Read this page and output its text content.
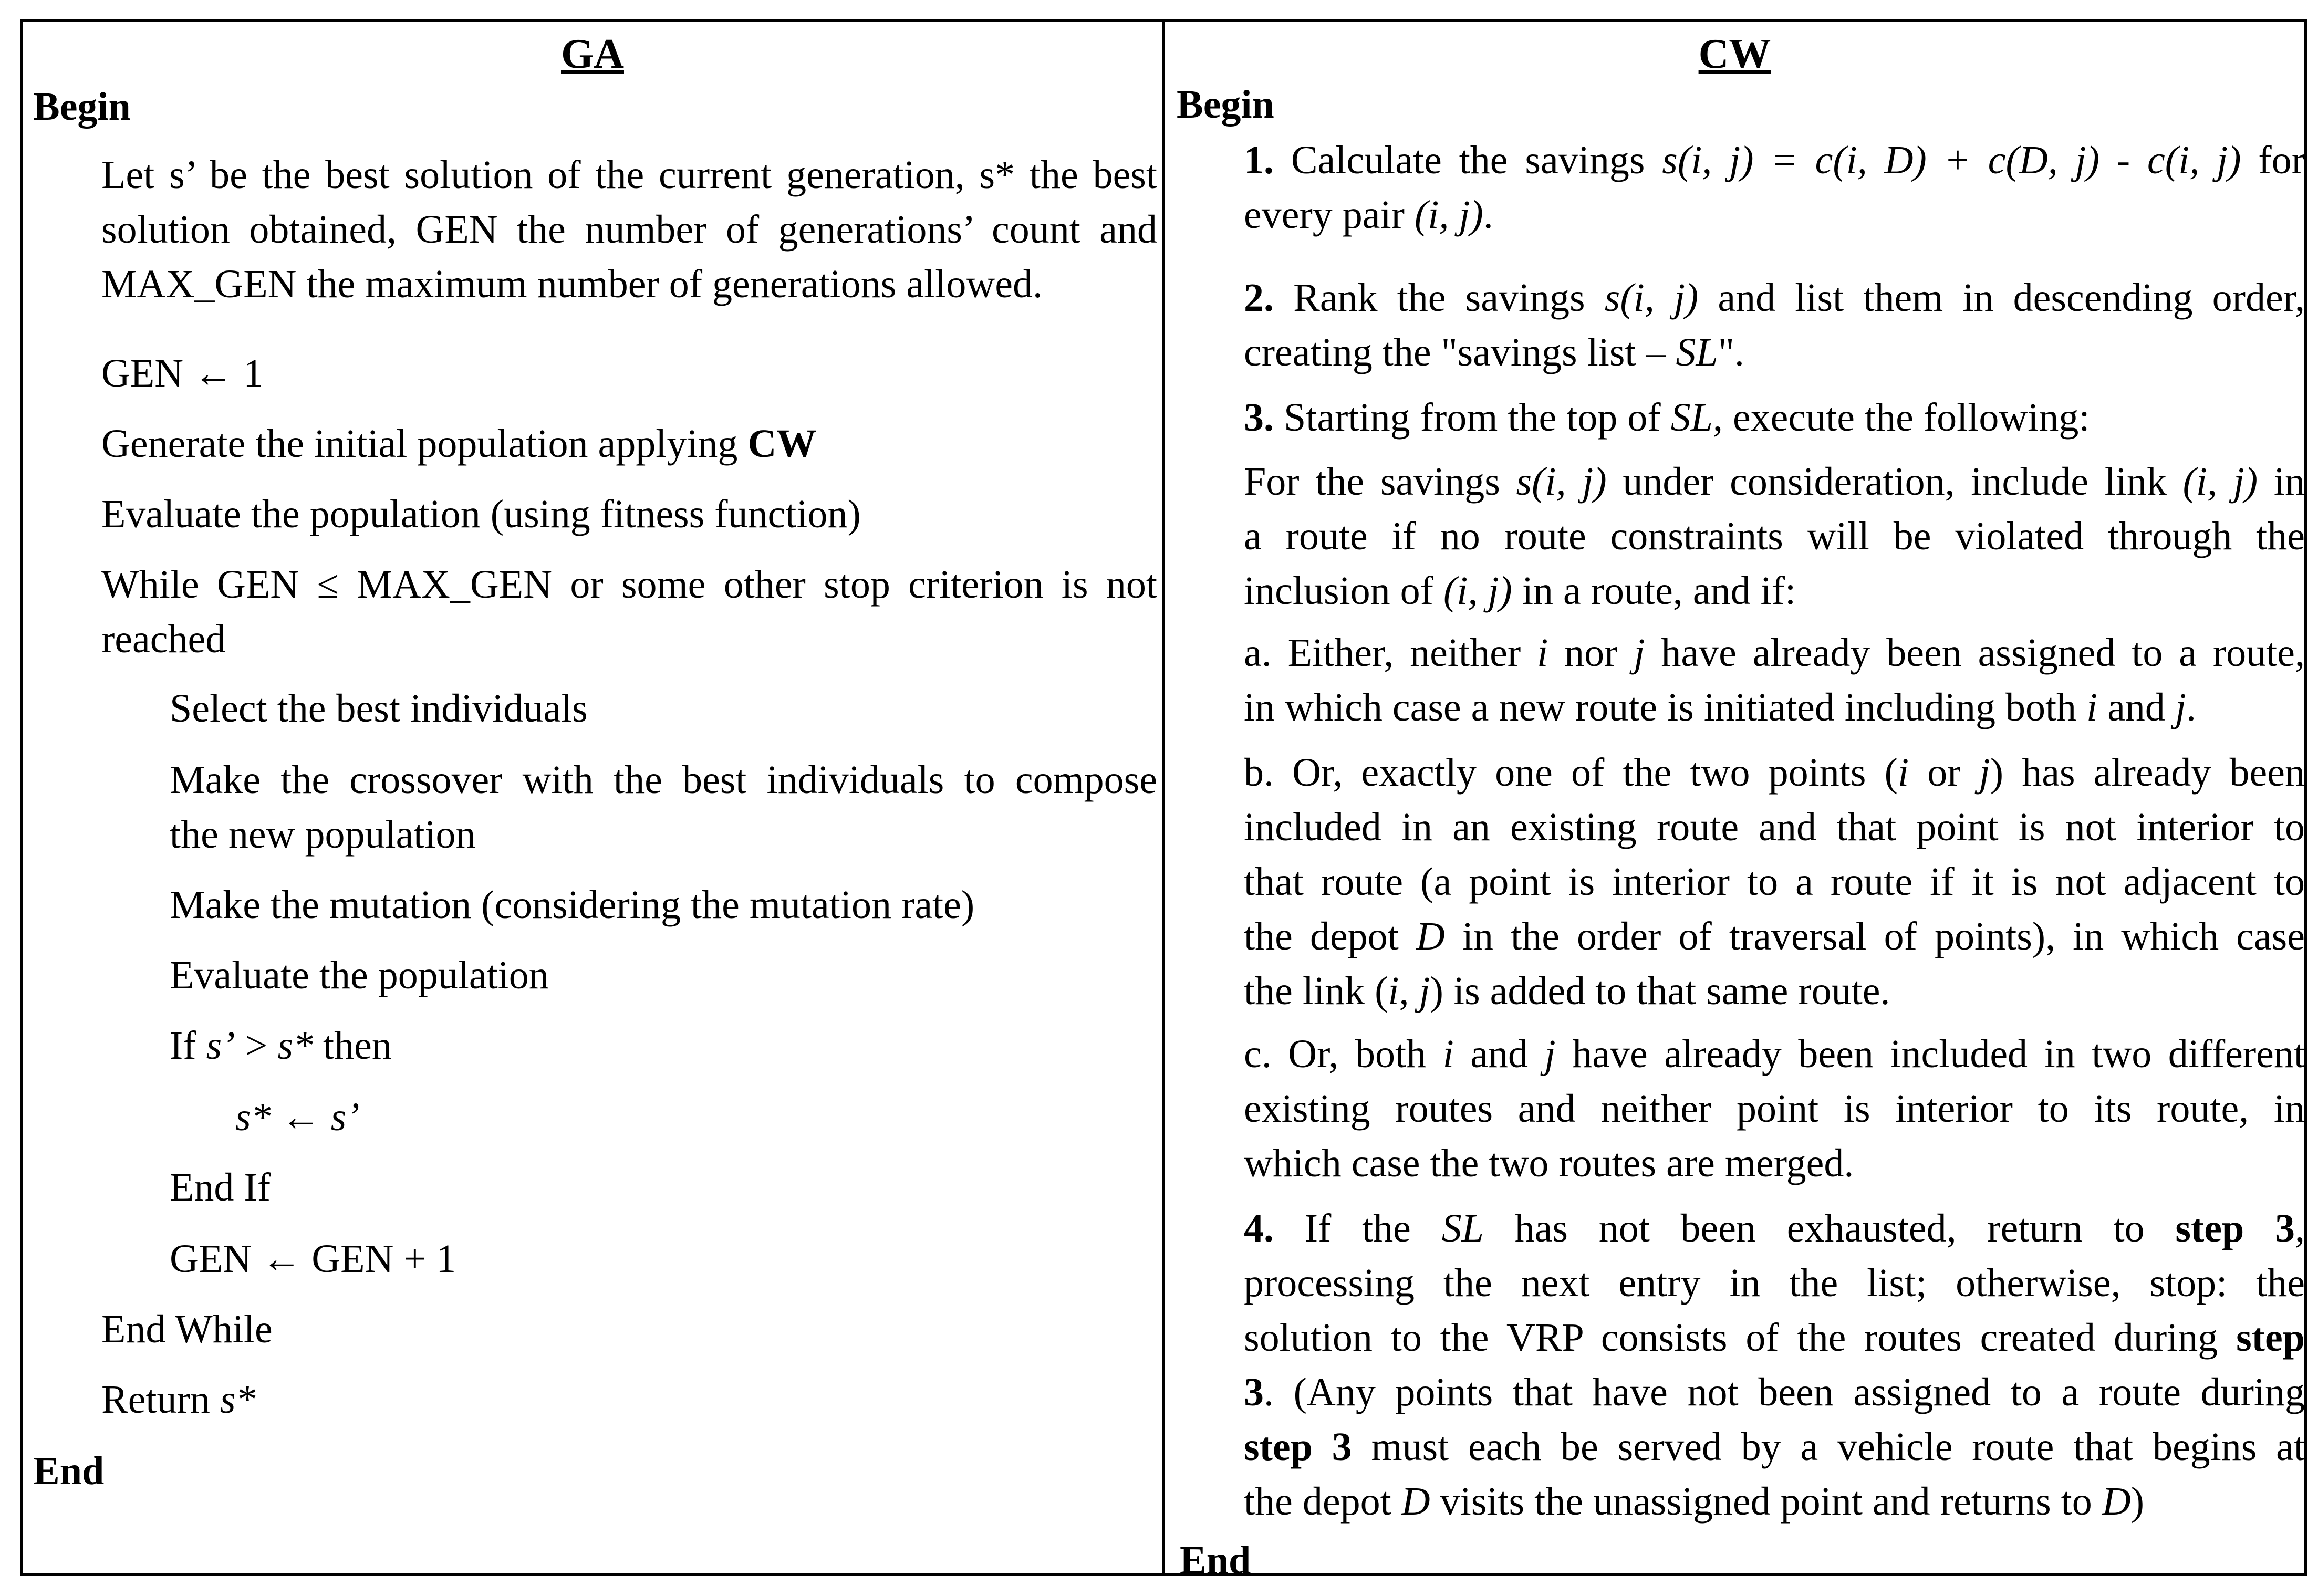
GA
Begin
Let s’ be the best solution of the current generation, s* the best
solution obtained, GEN the number of generations’ count and
MAX_GEN the maximum number of generations allowed.
GEN ← 1
Generate the initial population applying CW
Evaluate the population (using fitness function)
While GEN ≤ MAX_GEN or some other stop criterion is not
reached
Select the best individuals
Make the crossover with the best individuals to compose
the new population
Make the mutation (considering the mutation rate)
Evaluate the population
If s’ > s* then
s* ← s’
End If
GEN ← GEN + 1
End While
Return s*
End
CW
Begin
1. Calculate the savings s(i, j) = c(i, D) + c(D, j) - c(i, j) for
every pair (i, j).
2. Rank the savings s(i, j) and list them in descending order,
creating the "savings list – SL".
3. Starting from the top of SL, execute the following:
For the savings s(i, j) under consideration, include link (i, j) in
a route if no route constraints will be violated through the
inclusion of (i, j) in a route, and if:
a. Either, neither i nor j have already been assigned to a route,
in which case a new route is initiated including both i and j.
b. Or, exactly one of the two points (i or j) has already been
included in an existing route and that point is not interior to
that route (a point is interior to a route if it is not adjacent to
the depot D in the order of traversal of points), in which case
the link (i, j) is added to that same route.
c. Or, both i and j have already been included in two different
existing routes and neither point is interior to its route, in
which case the two routes are merged.
4. If the SL has not been exhausted, return to step 3,
processing the next entry in the list; otherwise, stop: the
solution to the VRP consists of the routes created during step
3. (Any points that have not been assigned to a route during
step 3 must each be served by a vehicle route that begins at
the depot D visits the unassigned point and returns to D)
End
